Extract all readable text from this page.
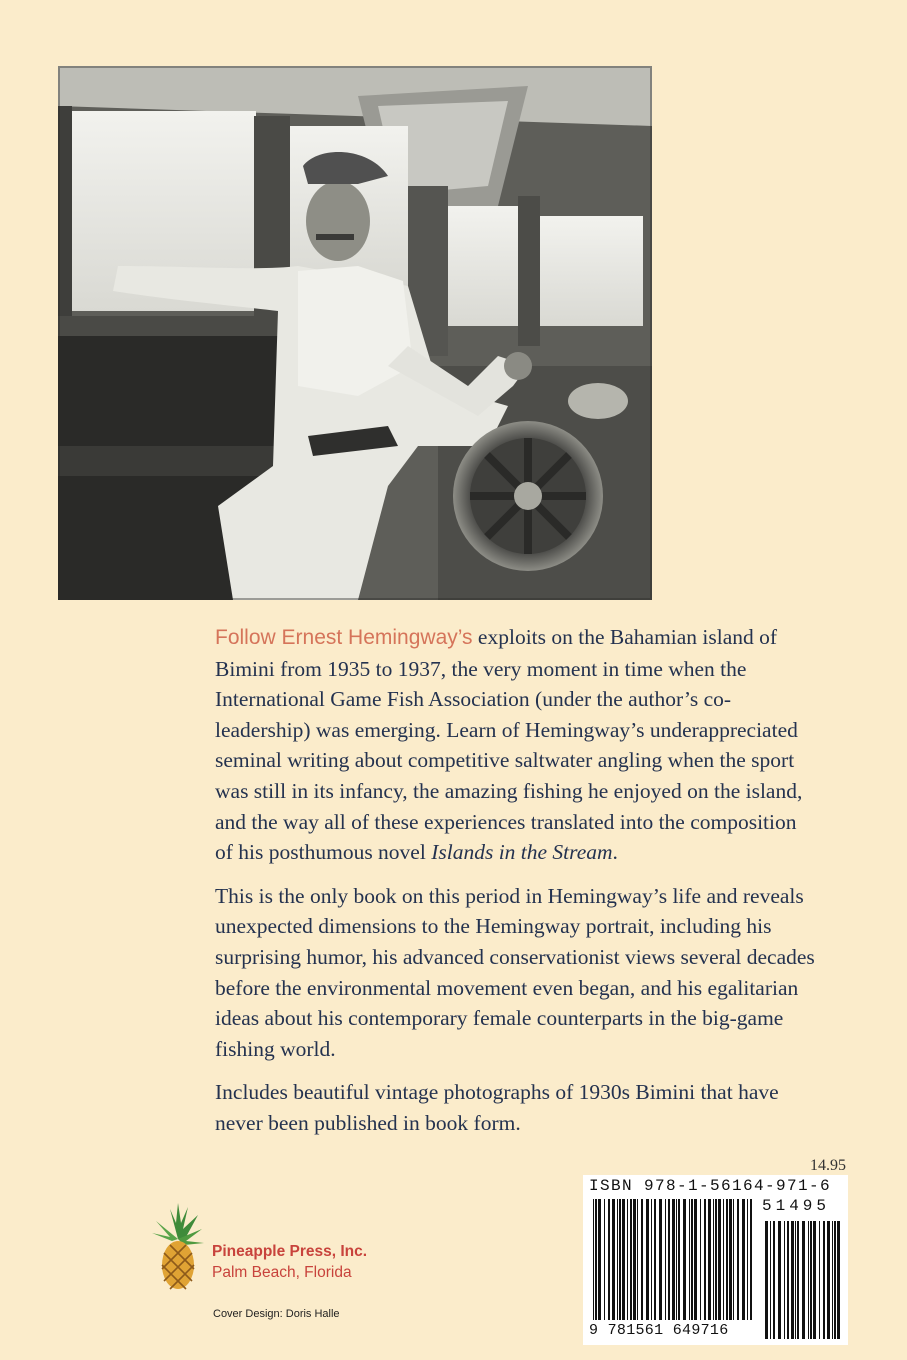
Follow Ernest Hemingway’s exploits on the Bahamian island of Bimini from 1935 to 1937, the very moment in time when the International Game Fish Association (under the author’s co-leadership) was emerging. Learn of Hemingway’s underappreciated seminal writing about competitive saltwater angling when the sport was still in its infancy, the amazing fishing he enjoyed on the island, and the way all of these experiences translated into the composition of his posthumous novel Islands in the Stream.

This is the only book on this period in Hemingway’s life and reveals unexpected dimensions to the Hemingway portrait, including his surprising humor, his advanced conservationist views several decades before the environmental movement even began, and his egalitarian ideas about his contemporary female counterparts in the big-game fishing world.

Includes beautiful vintage photographs of 1930s Bimini that have never been published in book form.

14.95
ISBN 978-1-56164-971-6
51495
9 781561 649716
Pineapple Press, Inc.
Palm Beach, Florida
Cover Design: Doris Halle
